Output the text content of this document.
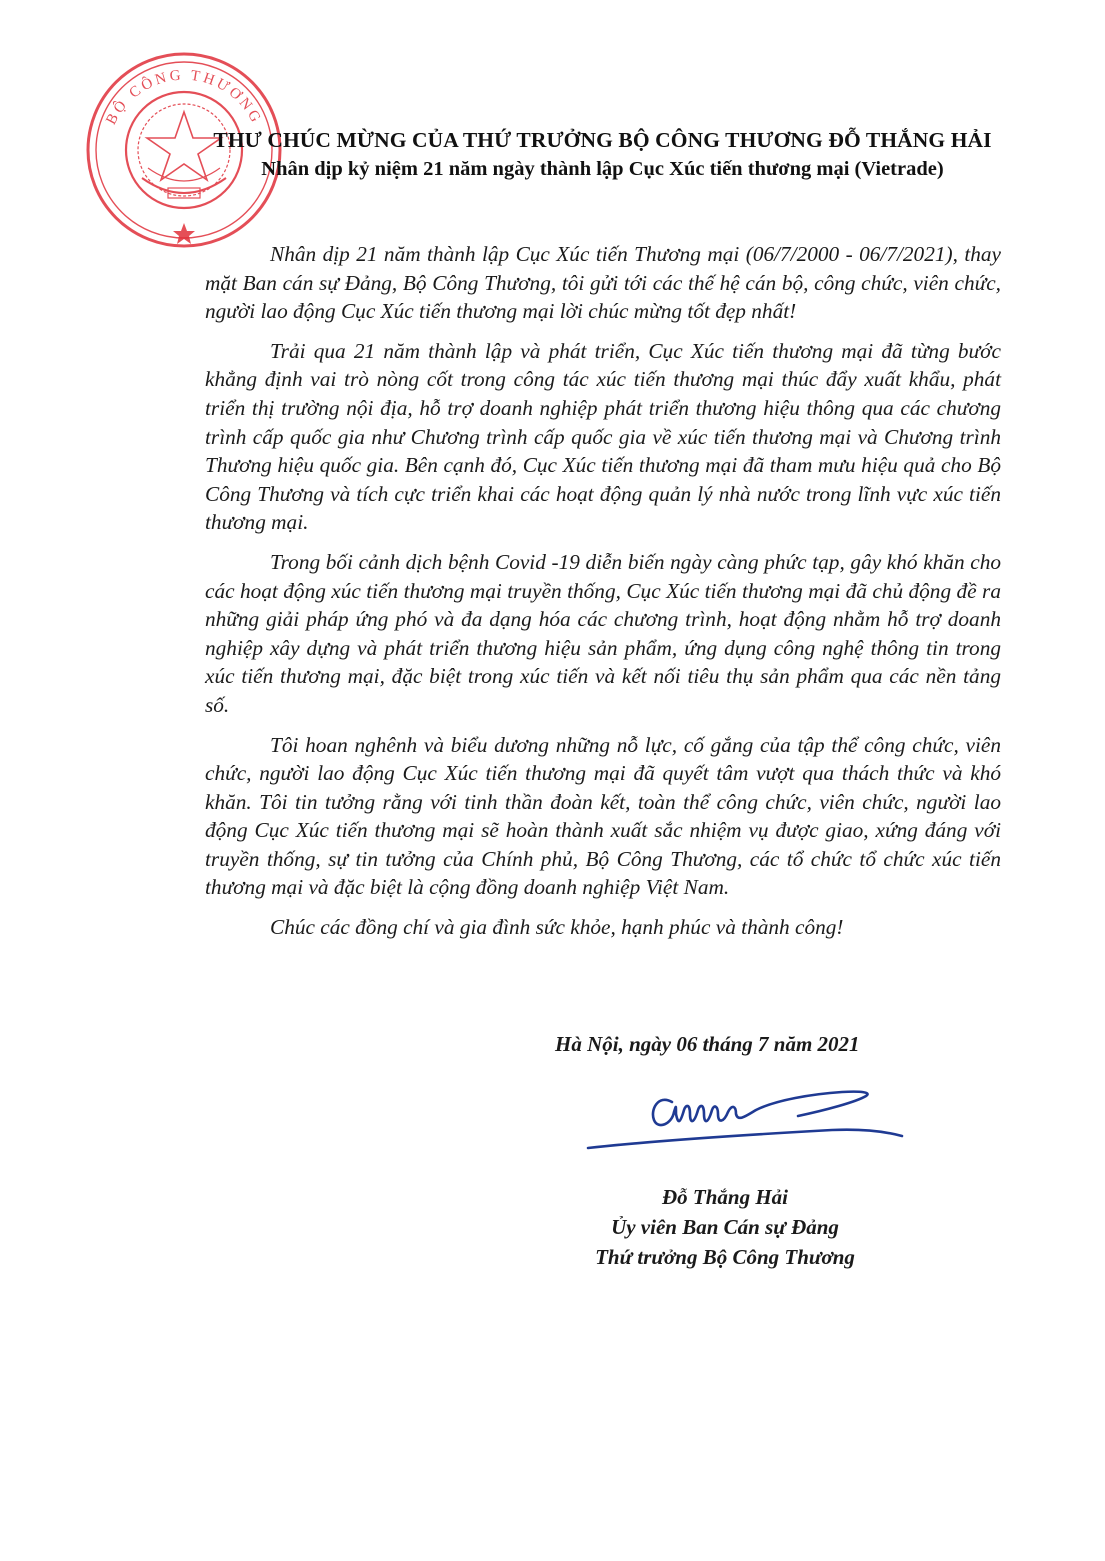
BỘ CÔNG THƯƠNG
THƯ CHÚC MỪNG CỦA THỨ TRƯỞNG BỘ CÔNG THƯƠNG ĐỖ THẮNG HẢI
Nhân dịp kỷ niệm 21 năm ngày thành lập Cục Xúc tiến thương mại (Vietrade)

Nhân dịp 21 năm thành lập Cục Xúc tiến Thương mại (06/7/2000 - 06/7/2021), thay mặt Ban cán sự Đảng, Bộ Công Thương, tôi gửi tới các thế hệ cán bộ, công chức, viên chức, người lao động Cục Xúc tiến thương mại lời chúc mừng tốt đẹp nhất!

Trải qua 21 năm thành lập và phát triển, Cục Xúc tiến thương mại đã từng bước khẳng định vai trò nòng cốt trong công tác xúc tiến thương mại thúc đẩy xuất khẩu, phát triển thị trường nội địa, hỗ trợ doanh nghiệp phát triển thương hiệu thông qua các chương trình cấp quốc gia như Chương trình cấp quốc gia về xúc tiến thương mại và Chương trình Thương hiệu quốc gia. Bên cạnh đó, Cục Xúc tiến thương mại đã tham mưu hiệu quả cho Bộ Công Thương và tích cực triển khai các hoạt động quản lý nhà nước trong lĩnh vực xúc tiến thương mại.

Trong bối cảnh dịch bệnh Covid -19 diễn biến ngày càng phức tạp, gây khó khăn cho các hoạt động xúc tiến thương mại truyền thống, Cục Xúc tiến thương mại đã chủ động đề ra những giải pháp ứng phó và đa dạng hóa các chương trình, hoạt động nhằm hỗ trợ doanh nghiệp xây dựng và phát triển thương hiệu sản phẩm, ứng dụng công nghệ thông tin trong xúc tiến thương mại, đặc biệt trong xúc tiến và kết nối tiêu thụ sản phẩm qua các nền tảng số.

Tôi hoan nghênh và biểu dương những nỗ lực, cố gắng của tập thể công chức, viên chức, người lao động Cục Xúc tiến thương mại đã quyết tâm vượt qua thách thức và khó khăn. Tôi tin tưởng rằng với tinh thần đoàn kết, toàn thể công chức, viên chức, người lao động Cục Xúc tiến thương mại sẽ hoàn thành xuất sắc nhiệm vụ được giao, xứng đáng với truyền thống, sự tin tưởng của Chính phủ, Bộ Công Thương, các tổ chức tổ chức xúc tiến thương mại và đặc biệt là cộng đồng doanh nghiệp Việt Nam.

Chúc các đồng chí và gia đình sức khỏe, hạnh phúc và thành công!

Hà Nội, ngày 06 tháng 7 năm 2021
Đỗ Thắng Hải
Ủy viên Ban Cán sự Đảng
Thứ trưởng Bộ Công Thương
